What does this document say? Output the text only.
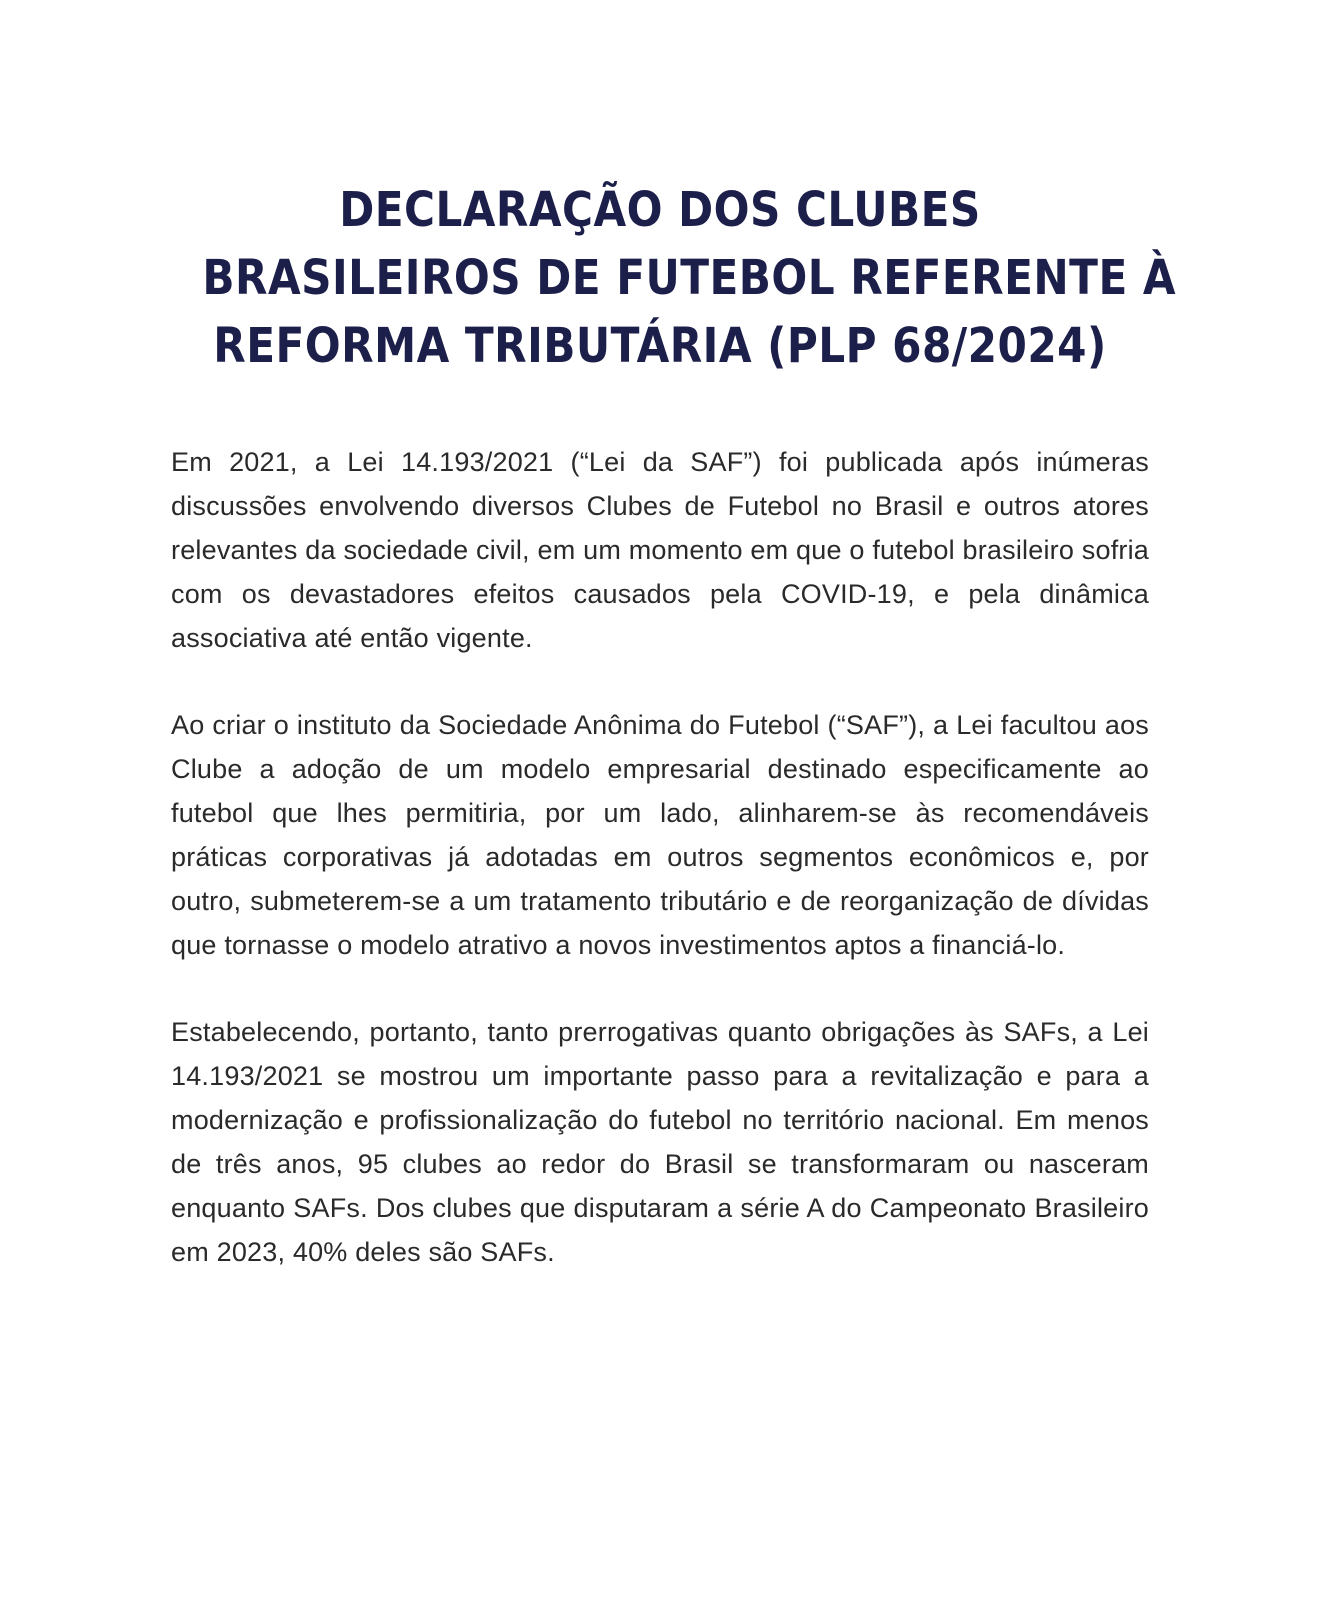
DECLARAÇÃO DOS CLUBES
BRASILEIROS DE FUTEBOL REFERENTE À
REFORMA TRIBUTÁRIA (PLP 68/2024)

Em 2021, a Lei 14.193/2021 (“Lei da SAF”) foi publicada após inúmeras discussões envolvendo diversos Clubes de Futebol no Brasil e outros atores relevantes da sociedade civil, em um momento em que o futebol brasileiro sofria com os devastadores efeitos causados pela COVID-19, e pela dinâmica associativa até então vigente.

Ao criar o instituto da Sociedade Anônima do Futebol (“SAF”), a Lei facultou aos Clube a adoção de um modelo empresarial destinado especificamente ao futebol que lhes permitiria, por um lado, alinharem-se às recomendáveis práticas corporativas já adotadas em outros segmentos econômicos e, por outro, submeterem-se a um tratamento tributário e de reorganização de dívidas que tornasse o modelo atrativo a novos investimentos aptos a financiá-lo.

Estabelecendo, portanto, tanto prerrogativas quanto obrigações às SAFs, a Lei 14.193/2021 se mostrou um importante passo para a revitalização e para a modernização e profissionalização do futebol no território nacional. Em menos de três anos, 95 clubes ao redor do Brasil se transformaram ou nasceram enquanto SAFs. Dos clubes que disputaram a série A do Campeonato Brasileiro em 2023, 40% deles são SAFs.
